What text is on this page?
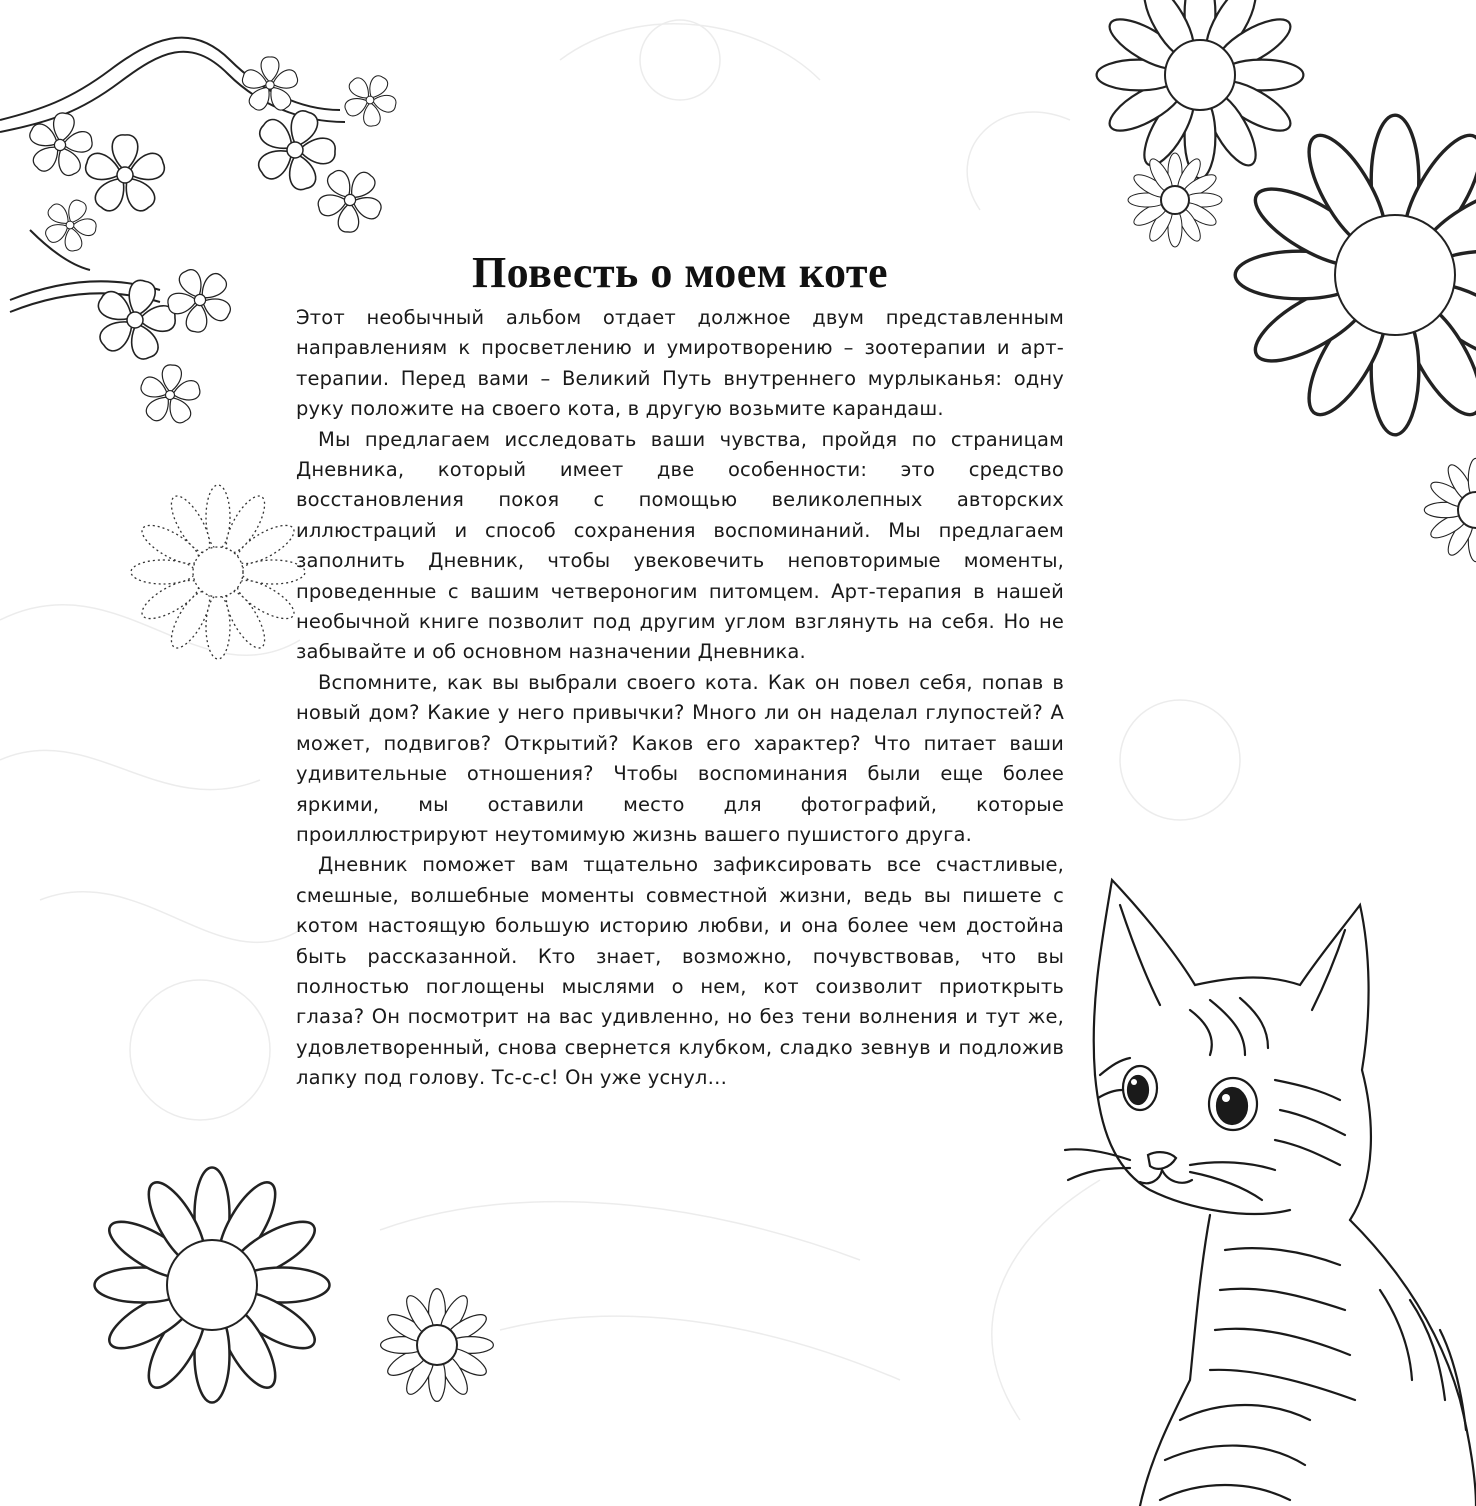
Повесть о моем коте

Этот необычный альбом отдает должное двум представленным направлениям к просветлению и умиротворению – зоотерапии и арт-терапии. Перед вами – Великий Путь внутреннего мурлыканья: одну руку положите на своего кота, в другую возьмите карандаш.

Мы предлагаем исследовать ваши чувства, пройдя по страницам Дневника, который имеет две особенности: это средство восстановления покоя с помощью великолепных авторских иллюстраций и способ сохранения воспоминаний. Мы предлагаем заполнить Дневник, чтобы увековечить неповторимые моменты, проведенные с вашим четвероногим питомцем. Арт-терапия в нашей необычной книге позволит под другим углом взглянуть на себя. Но не забывайте и об основном назначении Дневника.

Вспомните, как вы выбрали своего кота. Как он повел себя, попав в новый дом? Какие у него привычки? Много ли он наделал глупостей? А может, подвигов? Открытий? Каков его характер? Что питает ваши удивительные отношения? Чтобы воспоминания были еще более яркими, мы оставили место для фотографий, которые проиллюстрируют неутомимую жизнь вашего пушистого друга.

Дневник поможет вам тщательно зафиксировать все счастливые, смешные, волшебные моменты совместной жизни, ведь вы пишете с котом настоящую большую историю любви, и она более чем достойна быть рассказанной. Кто знает, возможно, почувствовав, что вы полностью поглощены мыслями о нем, кот соизволит приоткрыть глаза? Он посмотрит на вас удивленно, но без тени волнения и тут же, удовлетворенный, снова свернется клубком, сладко зевнув и подложив лапку под голову. Тс-с-с! Он уже уснул…
